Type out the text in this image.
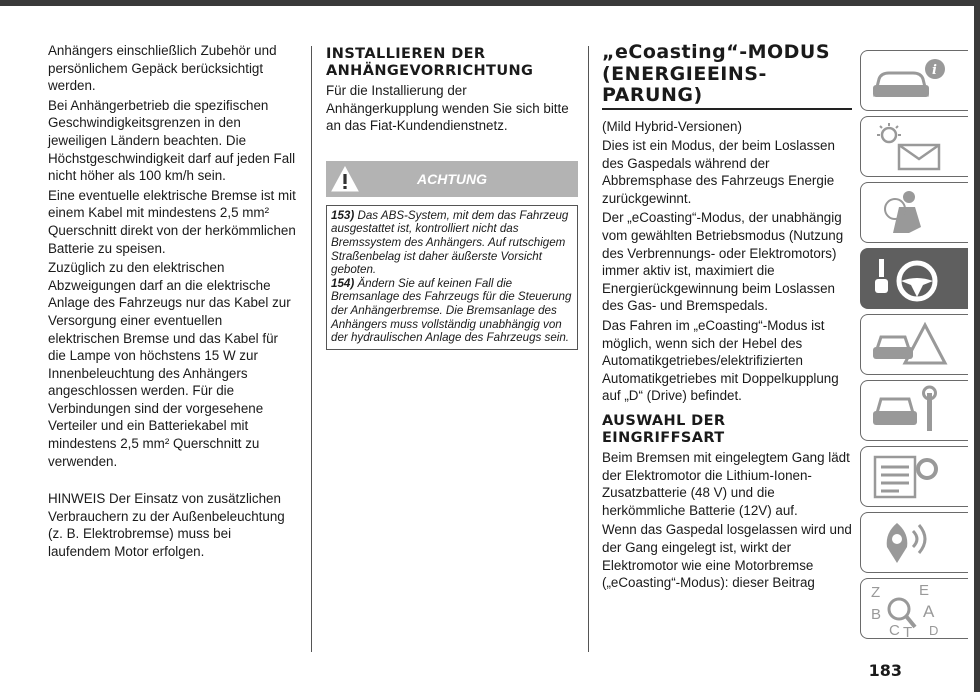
Anhängers einschließlich Zubehör und persönlichem Gepäck berücksichtigt werden.

Bei Anhängerbetrieb die spezifischen Geschwindigkeitsgrenzen in den jeweiligen Ländern beachten. Die Höchstgeschwindigkeit darf auf jeden Fall nicht höher als 100 km/h sein.

Eine eventuelle elektrische Bremse ist mit einem Kabel mit mindestens 2,5 mm² Querschnitt direkt von der herkömmlichen Batterie zu speisen.

Zuzüglich zu den elektrischen Abzweigungen darf an die elektrische Anlage des Fahrzeugs nur das Kabel zur Versorgung einer eventuellen elektrischen Bremse und das Kabel für die Lampe von höchstens 15 W zur Innenbeleuchtung des Anhängers angeschlossen werden. Für die Verbindungen sind der vorgesehene Verteiler und ein Batteriekabel mit mindestens 2,5 mm² Querschnitt zu verwenden.

HINWEIS Der Einsatz von zusätzlichen Verbrauchern zu der Außenbeleuchtung (z. B. Elektrobremse) muss bei laufendem Motor erfolgen.

INSTALLIEREN DER ANHÄNGEVORRICHTUNG

Für die Installierung der Anhängerkupplung wenden Sie sich bitte an das Fiat-Kundendienstnetz.

ACHTUNG
153) Das ABS-System, mit dem das Fahrzeug ausgestattet ist, kontrolliert nicht das Bremssystem des Anhängers. Auf rutschigem Straßenbelag ist daher äußerste Vorsicht geboten.
154) Ändern Sie auf keinen Fall die Bremsanlage des Fahrzeugs für die Steuerung der Anhängerbremse. Die Bremsanlage des Anhängers muss vollständig unabhängig von der hydraulischen Anlage des Fahrzeugs sein.
„eCoasting“-MODUS (ENERGIEEINS-PARUNG)

(Mild Hybrid-Versionen)

Dies ist ein Modus, der beim Loslassen des Gaspedals während der Abbremsphase des Fahrzeugs Energie zurückgewinnt.

Der „eCoasting“-Modus, der unabhängig vom gewählten Betriebsmodus (Nutzung des Verbrennungs- oder Elektromotors) immer aktiv ist, maximiert die Energierückgewinnung beim Loslassen des Gas- und Bremspedals.

Das Fahren im „eCoasting“-Modus ist möglich, wenn sich der Hebel des Automatikgetriebes/elektrifizierten Automatikgetriebes mit Doppelkupplung auf „D“ (Drive) befindet.

AUSWAHL DER EINGRIFFSART

Beim Bremsen mit eingelegtem Gang lädt der Elektromotor die Lithium-Ionen-Zusatzbatterie (48 V) und die herkömmliche Batterie (12V) auf.

Wenn das Gaspedal losgelassen wird und der Gang eingelegt ist, wirkt der Elektromotor wie eine Motorbremse („eCoasting“-Modus): dieser Beitrag

i
Z	E
B A
C T D
183
